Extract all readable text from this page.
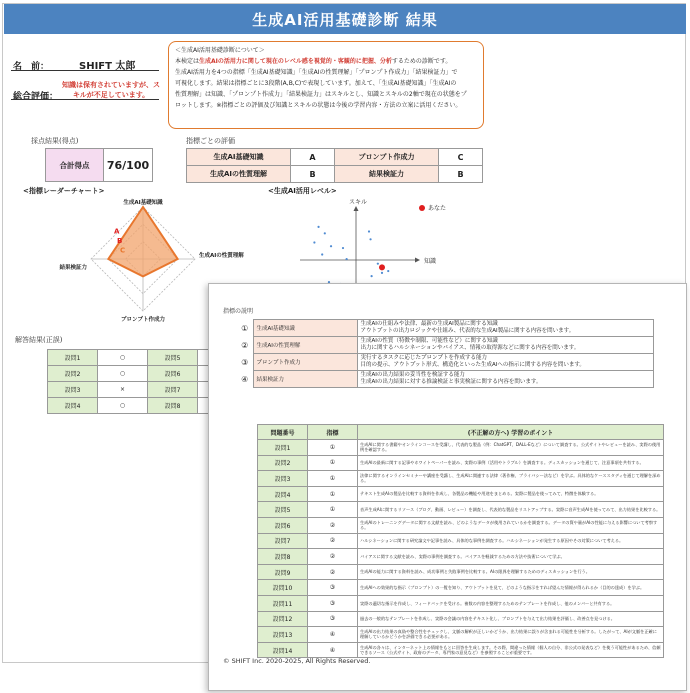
生成AI活用基礎診断 結果
名　前：	SHIFT 太郎
総合評価：
知識は保有されていますが、スキルが不足しています。
＜生成AI活用基礎診断について＞
本検定は生成AIの活用力に関して現在のレベル感を視覚的・客観的に把握、分析するための診断です。
生成AI活用力を4つの指標「生成AI基礎知識」「生成AIの性質理解」「プロンプト作成力」「結果検証力」で
可視化します。結果は指標ごとに3段階(A,B,C)で表現しています。加えて、「生成AI基礎知識」「生成AIの
性質理解」は知識、「プロンプト作成力」「結果検証力」はスキルとし、知識とスキルの2軸で現在の状態をプ
ロットします。※指標ごとの評価及び知識とスキルの状態は今後の学習内容・方法の立案に活用ください。
採点結果(得点)
合計得点	76/100
指標ごとの評価
生成AI基礎知識	A	プロンプト作成力	C
生成AIの性質理解	B	結果検証力	B
<指標レーダーチャート>	<生成AI活用レベル>
A
B
C
生成AI基礎知識
生成AIの性質理解
プロンプト作成力
結果検証力
知識
スキル
あなた
解答結果(正誤)
設問1	○	設問5	
設問2	○	設問6	
設問3	×	設問7	
設問4	○	設問8	
指標の説明
①	生成AI基礎知識	生成AIの仕組みや法律、最新の生成AI製品に関する知識
アウトプットの出力ロジックや仕組み、代表的な生成AI製品に関する内容を問います。

②	生成AIの性質理解	生成AIの性質（特徴や制限、可能性など）に関する知識
出力に関するハルシネーションやバイアス、情報の取得源などに関する内容を問います。

③	プロンプト作成力	実行するタスクに応じたプロンプトを作成する能力
目的の提示、アウトプット形式、構造化といった生成AIへの指示に関する内容を問います。

④	結果検証力	生成AIの出力結果の妥当性を検証する能力
生成AIの出力結果に対する推論検証と事実検証に関する内容を問います。
問題番号	指標	(不正解の方へ) 学習のポイント
設問1	①	生成AIに関する書籍やオンラインコースを受講し、代表的な製品（例：ChatGPT、DALL-Eなど）について調査する。公式サイトやレビューを読み、実際の使用例を確認する。
設問2	①	生成AIの最新に関する記事やホワイトペーパーを読み、実際の事例（活用やトラブル）を調査する。ディスカッションを通じて、注意事項を共有する。
設問3	①	法律に関するオンラインセミナーや講座を受講し、生成AIに関連する法律（著作権、プライバシー法など）を学ぶ。具体的なケーススタディを通じて理解を深める。
設問4	①	テキスト生成AIの製品を比較する資料を作成し、各製品の機能や用途をまとめる。実際に製品を使ってみて、特徴を体験する。
設問5	①	音声生成AIに関するリソース（ブログ、動画、レビュー）を調査し、代表的な製品をリストアップする。実際に音声生成AIを使ってみて、出力結果を比較する。
設問6	②	生成AIのトレーニングデータに関する文献を読み、どのようなデータが使用されているかを調査する。データの質や量がAIの性能に与える影響について考察する。
設問7	②	ハルシネーションに関する研究論文や記事を読み、具体的な事例を調査する。ハルシネーションが発生する原因やその対策について考える。
設問8	②	バイアスに関する文献を読み、実際の事例を調査する。バイアスを軽減するための方法や技術について学ぶ。
設問9	②	生成AIの能力に関する資料を読み、成功事例と失敗事例を比較する。AIの限界を理解するためのディスカッションを行う。
設問10	③	生成AIへの効果的な指示（プロンプト）の一覧を知り、アウトプットを見て、どのような指示をすれば望んだ情報が得られるか（目的の達成）を学ぶ。
設問11	③	実際の適切な指示を作成し、フィードバックを受ける。複数の内容を整理するためのテンプレートを作成し、他のメンバーと共有する。
設問12	③	過去の一般的なテンプレートを作成し、実際の会議の内容をテキスト化し、プロンプトを与えて出力結果を評価し、改善点を見つける。
設問13	④	生成AIの出力結果の真偽や整合性をチェックし、文脈の解釈が正しいかどうか、出力結果に誤りが含まれる可能性を分析する。したがって、AIが文脈を正確に理解しているかどうかを評価できる必要がある。
設問14	④	生成AIの各々は、インターネット上の情報をもとに回答を生成します。その際、間違った情報（個人の自分、非公式の発表など）を使う可能性があるため、信頼できるソース（公式サイト、政府のデータ、専門家の意見など）を参照することが重要です。
© SHIFT Inc. 2020-2025, All Rights Reserved.
